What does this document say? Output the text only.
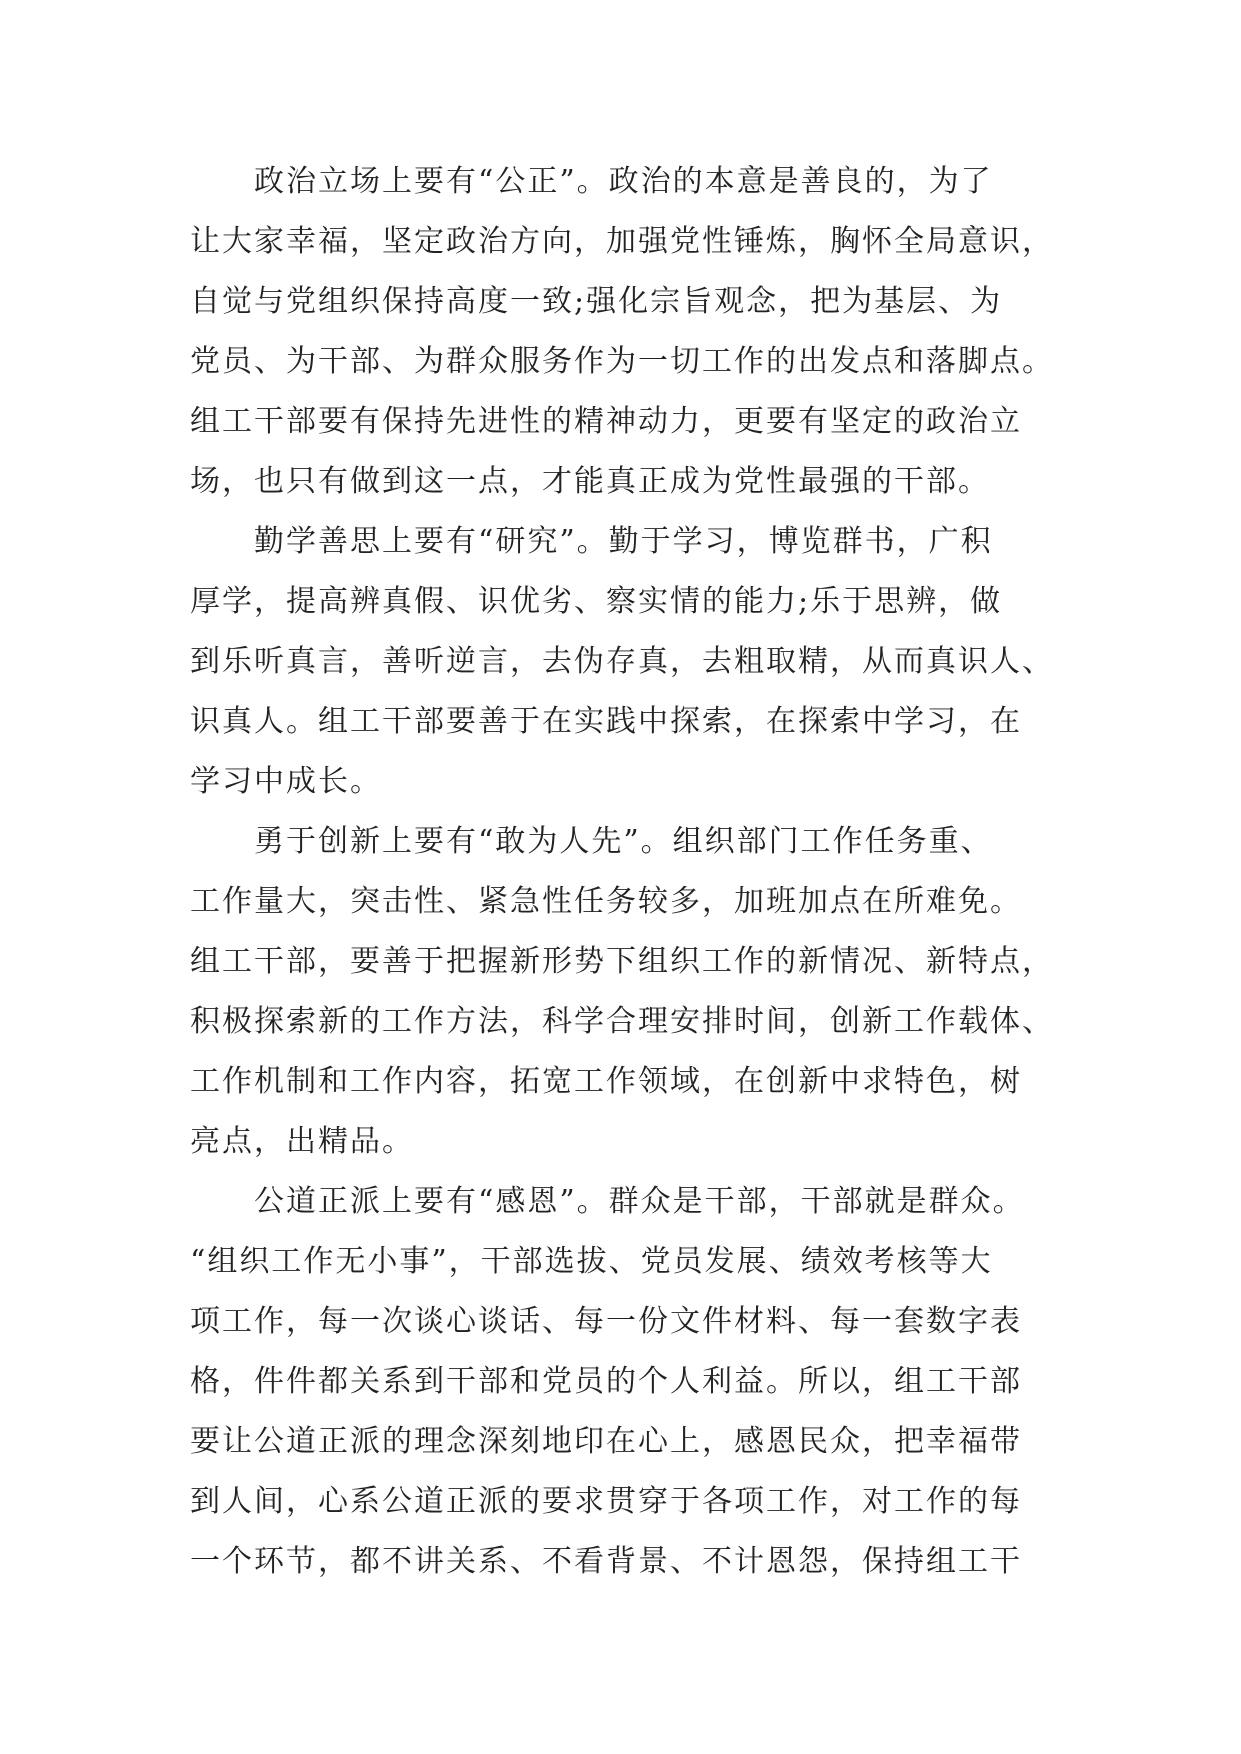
政治立场上要有“公正”。政治的本意是善良的，为了
让大家幸福，坚定政治方向，加强党性锤炼，胸怀全局意识，
自觉与党组织保持高度一致;强化宗旨观念，把为基层、为
党员、为干部、为群众服务作为一切工作的出发点和落脚点。
组工干部要有保持先进性的精神动力，更要有坚定的政治立
场，也只有做到这一点，才能真正成为党性最强的干部。
勤学善思上要有“研究”。勤于学习，博览群书，广积
厚学，提高辨真假、识优劣、察实情的能力;乐于思辨，做
到乐听真言，善听逆言，去伪存真，去粗取精，从而真识人、
识真人。组工干部要善于在实践中探索，在探索中学习，在
学习中成长。
勇于创新上要有“敢为人先”。组织部门工作任务重、
工作量大，突击性、紧急性任务较多，加班加点在所难免。
组工干部，要善于把握新形势下组织工作的新情况、新特点，
积极探索新的工作方法，科学合理安排时间，创新工作载体、
工作机制和工作内容，拓宽工作领域，在创新中求特色，树
亮点，出精品。
公道正派上要有“感恩”。群众是干部，干部就是群众。
“组织工作无小事”，干部选拔、党员发展、绩效考核等大
项工作，每一次谈心谈话、每一份文件材料、每一套数字表
格，件件都关系到干部和党员的个人利益。所以，组工干部
要让公道正派的理念深刻地印在心上，感恩民众，把幸福带
到人间，心系公道正派的要求贯穿于各项工作，对工作的每
一个环节，都不讲关系、不看背景、不计恩怨，保持组工干
